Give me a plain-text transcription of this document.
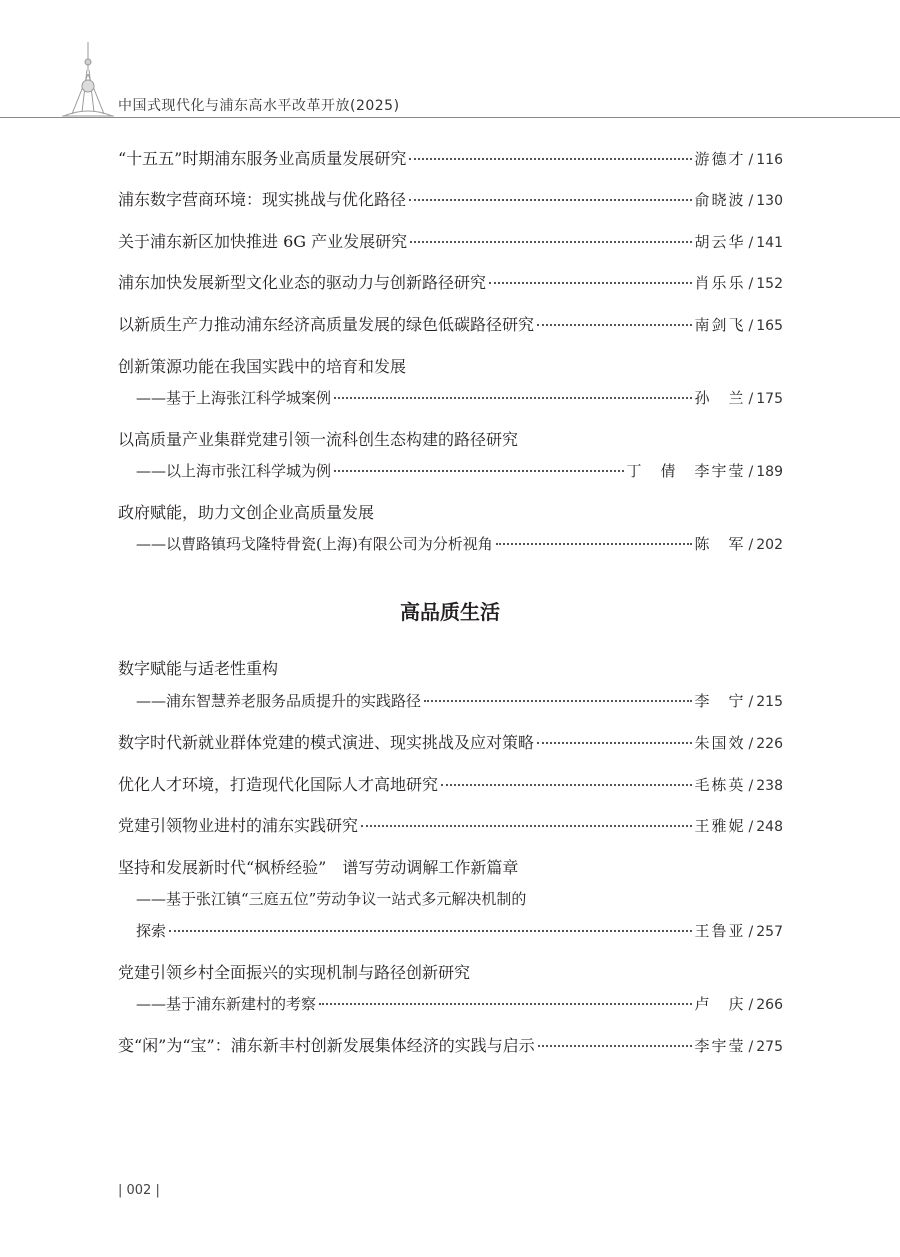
中国式现代化与浦东高水平改革开放(2025)
“十五五”时期浦东服务业高质量发展研究	游德才 / 116
浦东数字营商环境：现实挑战与优化路径	俞晓波 / 130
关于浦东新区加快推进 6G 产业发展研究	胡云华 / 141
浦东加快发展新型文化业态的驱动力与创新路径研究	肖乐乐 / 152
以新质生产力推动浦东经济高质量发展的绿色低碳路径研究	南剑飞 / 165
创新策源功能在我国实践中的培育和发展
——基于上海张江科学城案例	孙　兰 / 175
以高质量产业集群党建引领一流科创生态构建的路径研究
——以上海市张江科学城为例	丁　倩　李宇莹 / 189
政府赋能，助力文创企业高质量发展
——以曹路镇玛戈隆特骨瓷(上海)有限公司为分析视角	陈　军 / 202
高品质生活
数字赋能与适老性重构
——浦东智慧养老服务品质提升的实践路径	李　宁 / 215
数字时代新就业群体党建的模式演进、现实挑战及应对策略	朱国效 / 226
优化人才环境，打造现代化国际人才高地研究	毛栋英 / 238
党建引领物业进村的浦东实践研究	王雅妮 / 248
坚持和发展新时代“枫桥经验”　谱写劳动调解工作新篇章
——基于张江镇“三庭五位”劳动争议一站式多元解决机制的
探索	王鲁亚 / 257
党建引领乡村全面振兴的实现机制与路径创新研究
——基于浦东新建村的考察	卢　庆 / 266
变“闲”为“宝”：浦东新丰村创新发展集体经济的实践与启示	李宇莹 / 275
| 002 |
